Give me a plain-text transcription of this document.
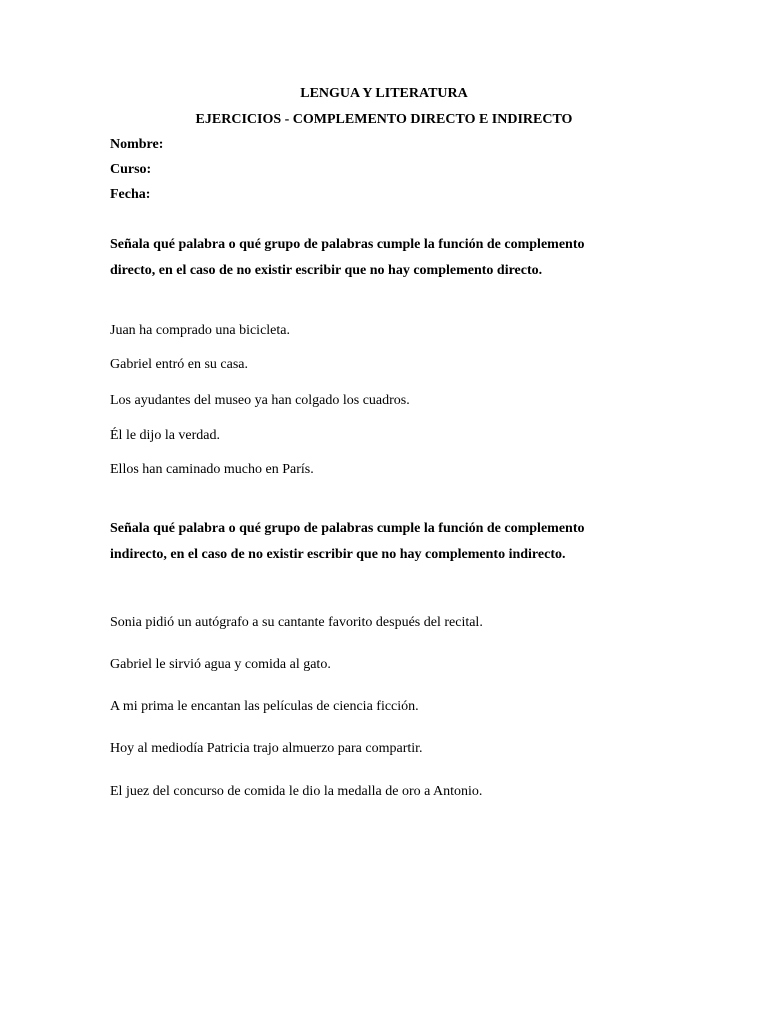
LENGUA Y LITERATURA
EJERCICIOS - COMPLEMENTO DIRECTO E INDIRECTO
Nombre:
Curso:
Fecha:
Señala qué palabra o qué grupo de palabras cumple la función de complemento
directo, en el caso de no existir escribir que no hay complemento directo.
Juan ha comprado una bicicleta.
Gabriel entró en su casa.
Los ayudantes del museo ya han colgado los cuadros.
Él le dijo la verdad.
Ellos han caminado mucho en París.
Señala qué palabra o qué grupo de palabras cumple la función de complemento
indirecto, en el caso de no existir escribir que no hay complemento indirecto.
Sonia pidió un autógrafo a su cantante favorito después del recital.
Gabriel le sirvió agua y comida al gato.
A mi prima le encantan las películas de ciencia ficción.
Hoy al mediodía Patricia trajo almuerzo para compartir.
El juez del concurso de comida le dio la medalla de oro a Antonio.
